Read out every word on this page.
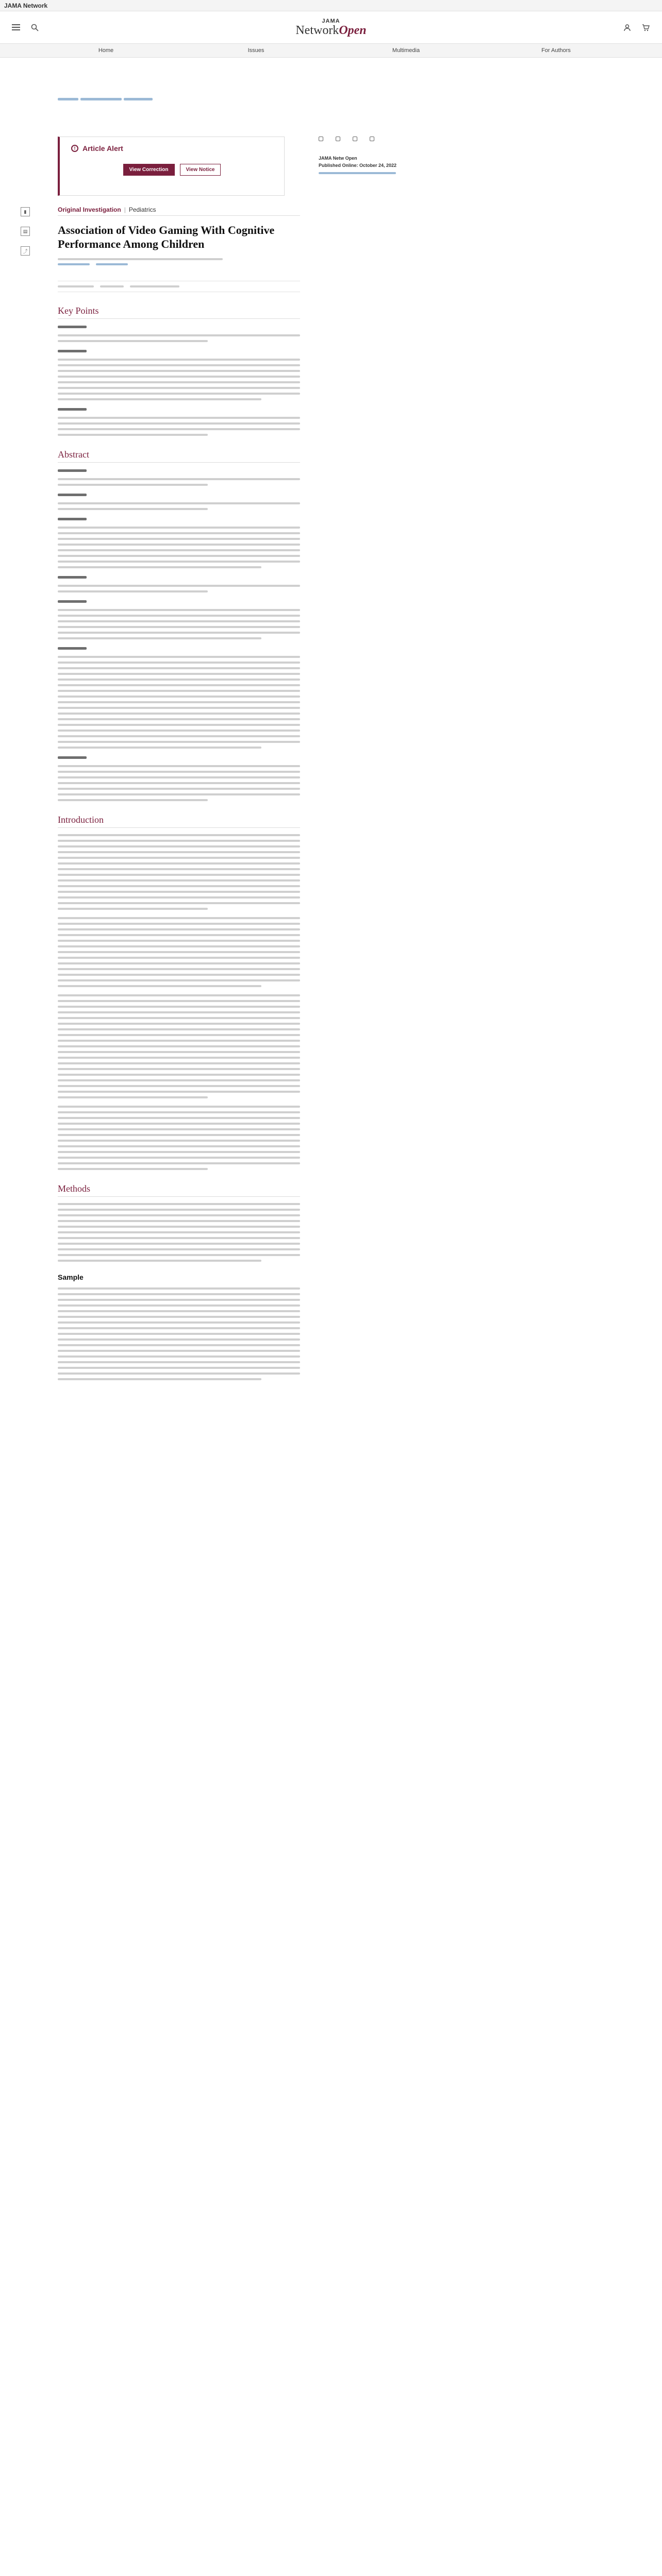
JAMA Network
JAMA
NetworkOpen
Home	Issues	Multimedia	For Authors
! Article Alert
View Correction	View Notice
▮
▤
⤴
JAMA Netw Open
Published Online: October 24, 2022
Original Investigation | Pediatrics
Association of Video Gaming With Cognitive Performance Among Children
Key Points
Abstract
Introduction
Methods
Sample
